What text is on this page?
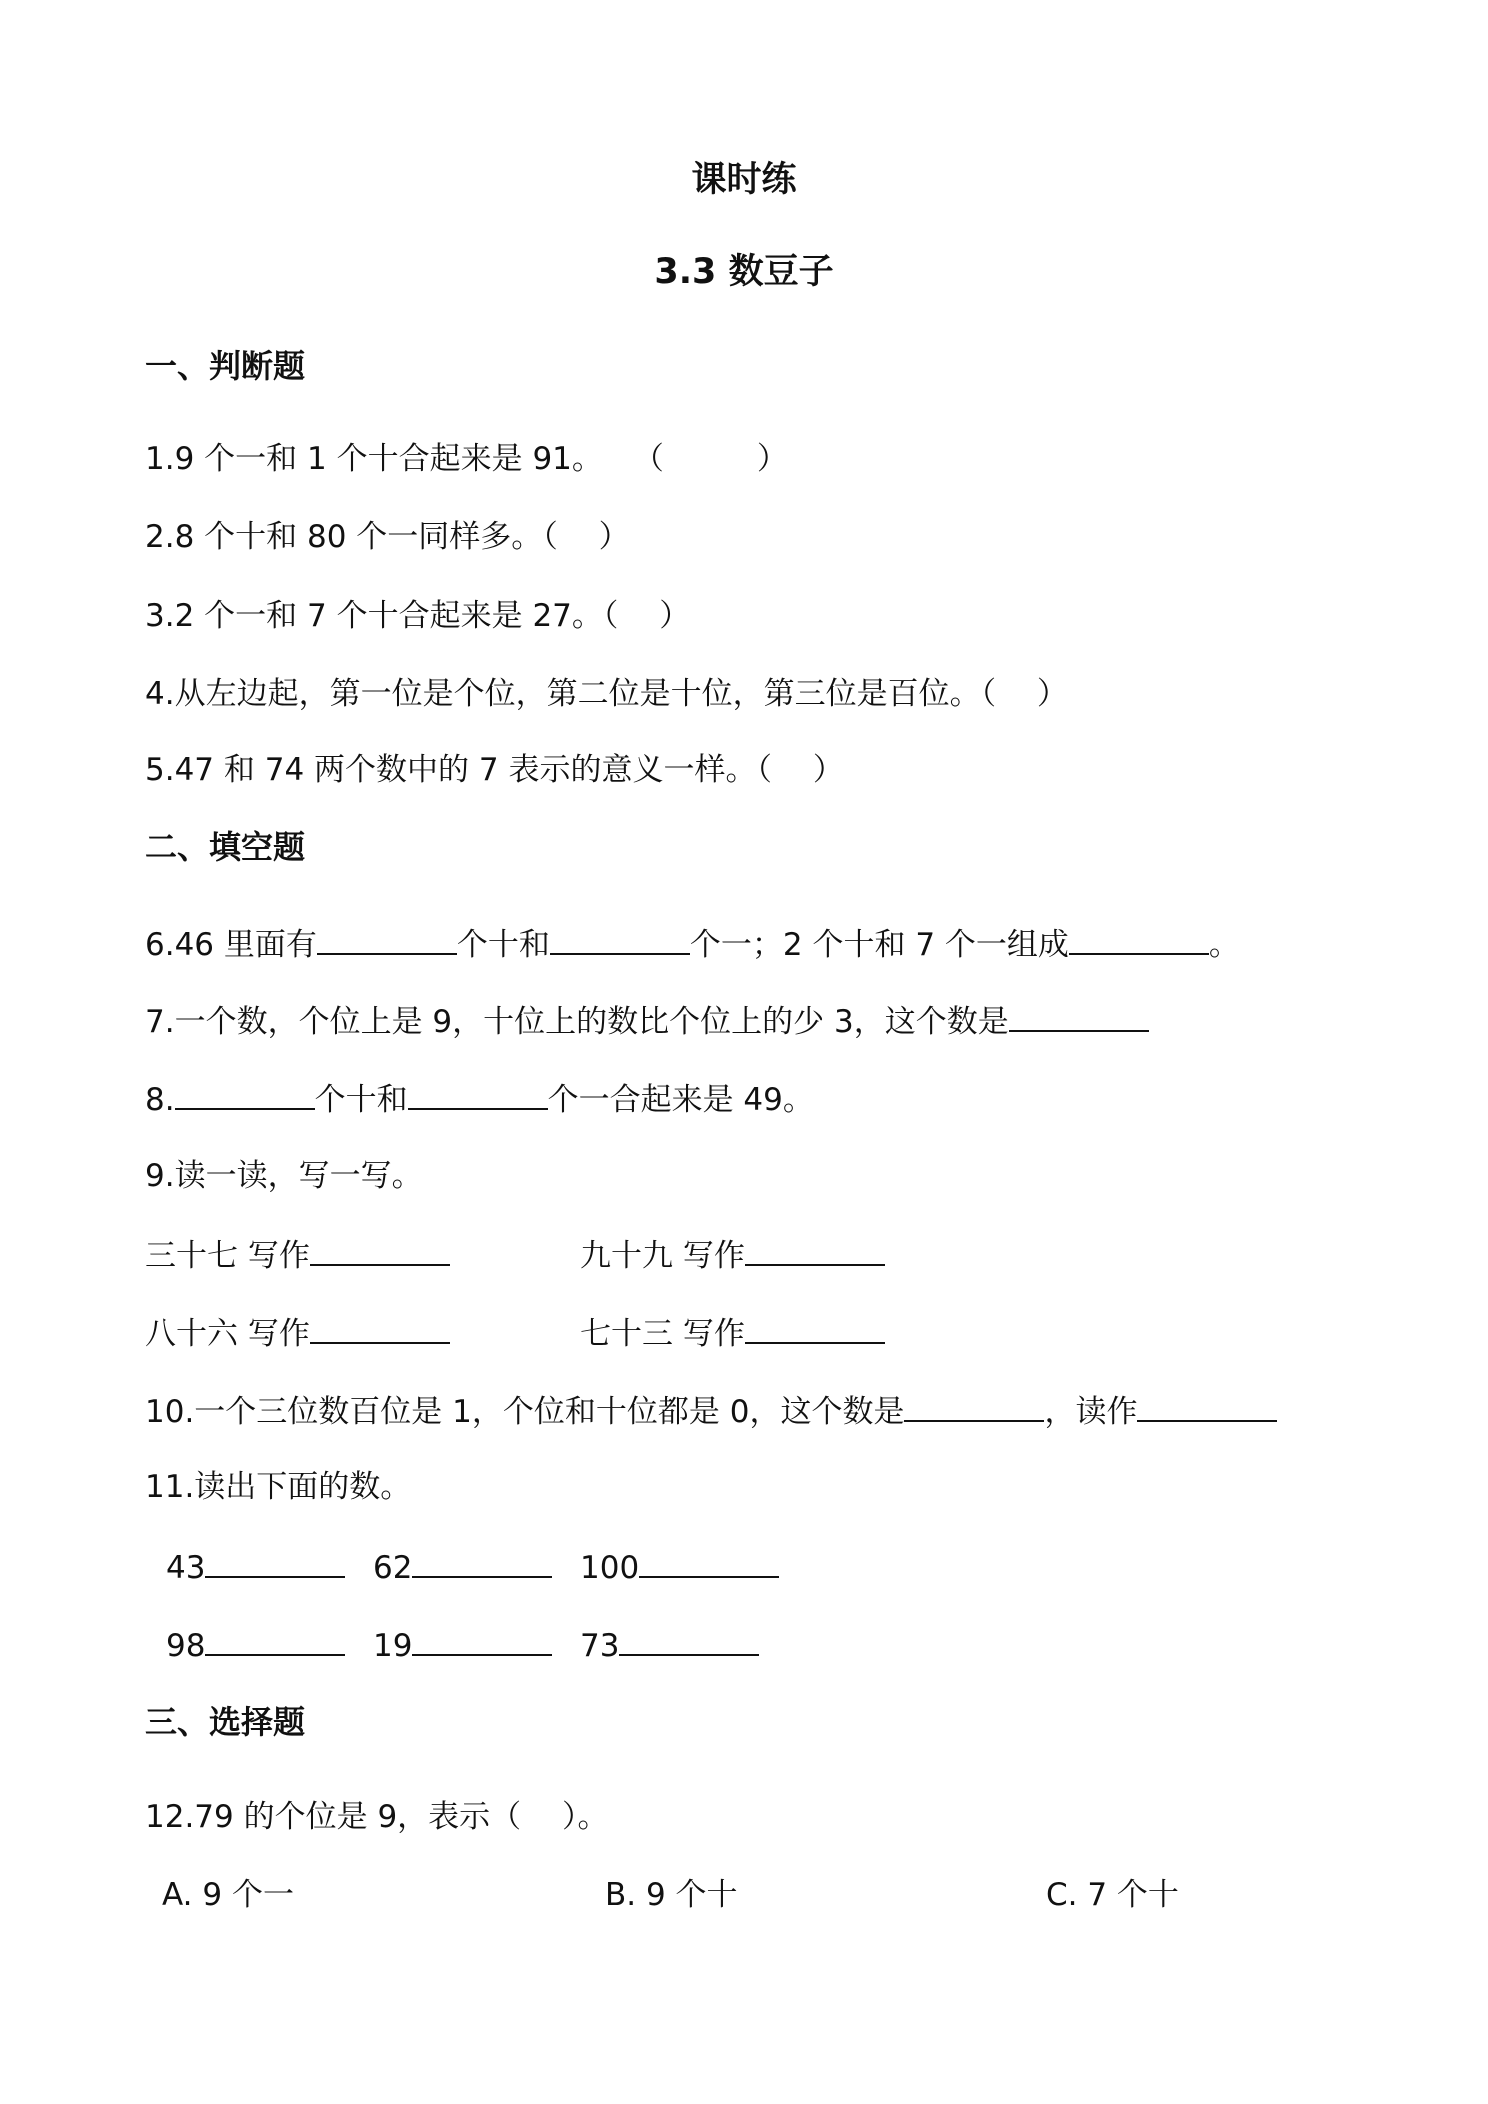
课时练
3.3 数豆子
一、判断题
1.9 个一和 1 个十合起来是 91。 （　　　）
2.8 个十和 80 个一同样多。（　 ）
3.2 个一和 7 个十合起来是 27。（　 ）
4.从左边起，第一位是个位，第二位是十位，第三位是百位。（　 ）
5.47 和 74 两个数中的 7 表示的意义一样。（　 ）
二、填空题
6.46 里面有	个十和	个一；2 个十和 7 个一组成	。
7.一个数，个位上是 9，十位上的数比个位上的少 3，这个数是
8.	个十和	个一合起来是 49。
9.读一读，写一写。
三十七 写作	九十九 写作
八十六 写作	七十三 写作
10.一个三位数百位是 1，个位和十位都是 0，这个数是	，读作
11.读出下面的数。
43	62	100
98	19	73
三、选择题
12.79 的个位是 9，表示（　 ）。
A. 9 个一	B. 9 个十	C. 7 个十
